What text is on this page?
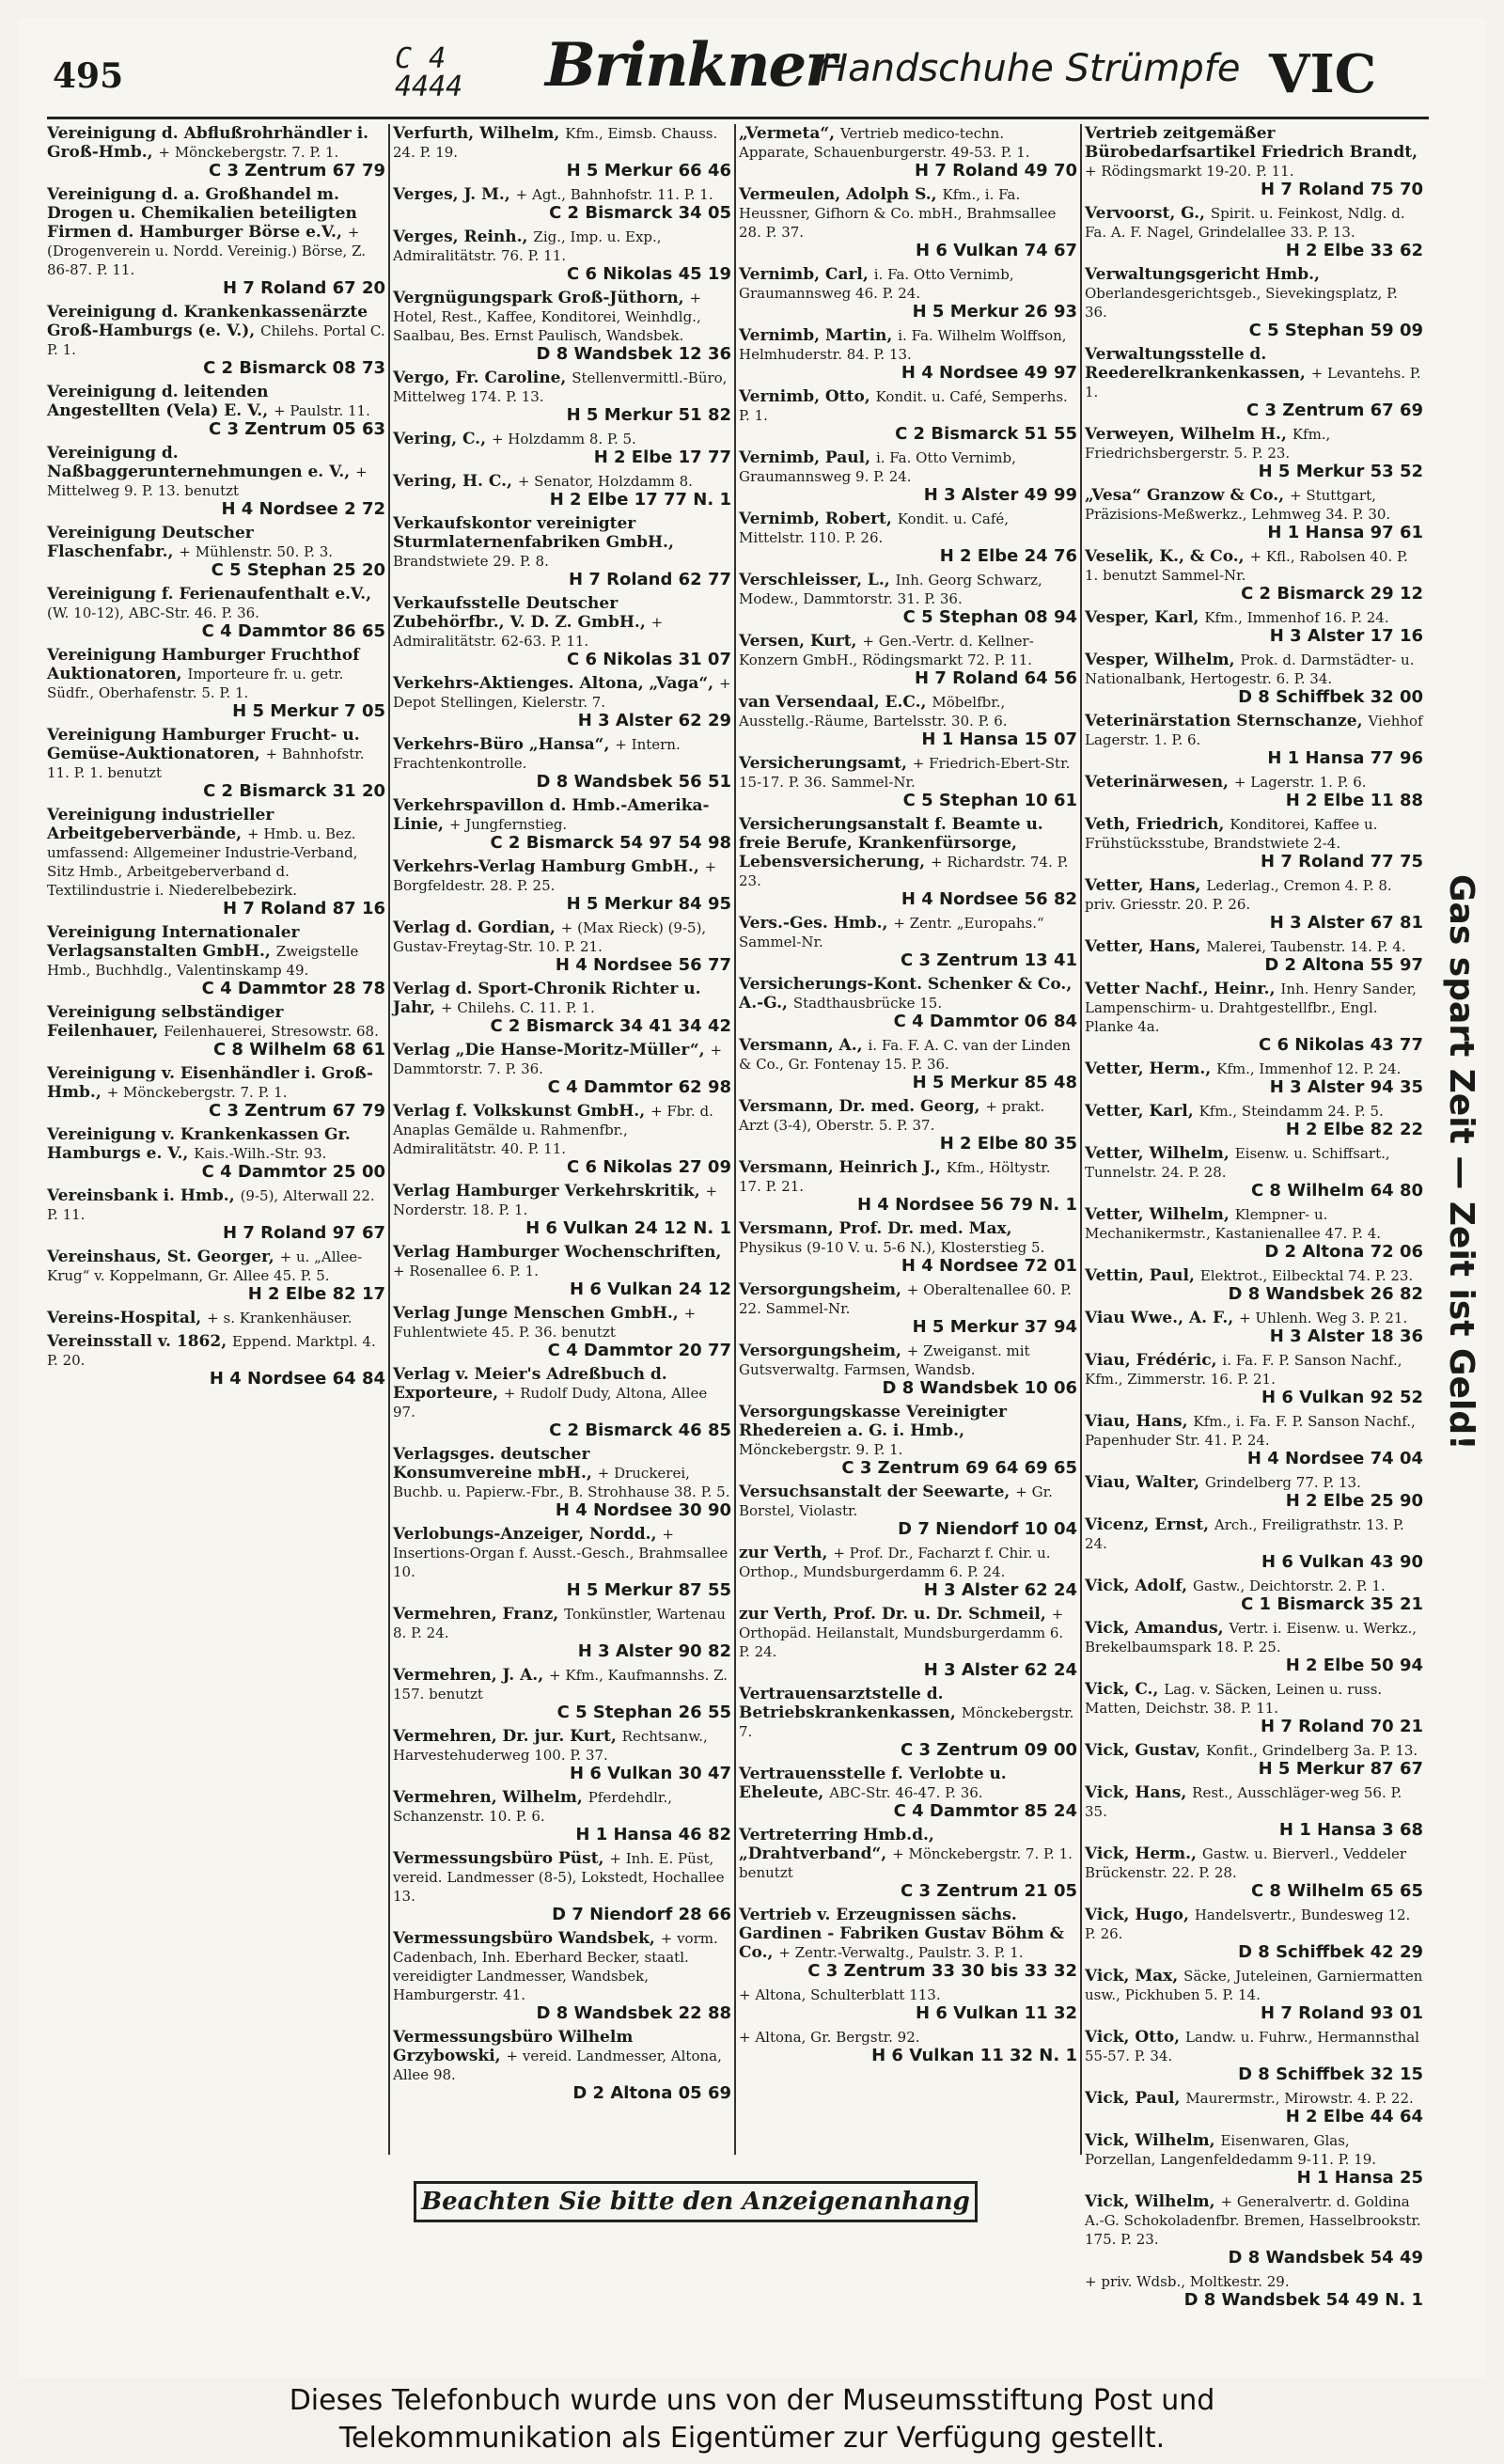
495	C 4
4444 Brinkner
Handschuhe Strümpfe VIC
Vereinigung d. Abflußrohrhändler i. Groß-Hmb., + Mönckebergstr. 7. P. 1.
C 3 Zentrum 67 79
Vereinigung d. a. Großhandel m. Drogen u. Chemikalien beteiligten Firmen d. Hamburger Börse e.V., + (Drogenverein u. Nordd. Vereinig.) Börse, Z. 86-87. P. 11.
H 7 Roland 67 20
Vereinigung d. Krankenkassenärzte Groß-Hamburgs (e. V.), Chilehs. Portal C. P. 1.
C 2 Bismarck 08 73
Vereinigung d. leitenden Angestellten (Vela) E. V., + Paulstr. 11.
C 3 Zentrum 05 63
Vereinigung d. Naßbaggerunternehmungen e. V., + Mittelweg 9. P. 13. benutzt
H 4 Nordsee 2 72
Vereinigung Deutscher Flaschenfabr., + Mühlenstr. 50. P. 3.
C 5 Stephan 25 20
Vereinigung f. Ferienaufenthalt e.V., (W. 10-12), ABC-Str. 46. P. 36.
C 4 Dammtor 86 65
Vereinigung Hamburger Fruchthof Auktionatoren, Importeure fr. u. getr. Südfr., Oberhafenstr. 5. P. 1.
H 5 Merkur 7 05
Vereinigung Hamburger Frucht- u. Gemüse-Auktionatoren, + Bahnhofstr. 11. P. 1. benutzt
C 2 Bismarck 31 20
Vereinigung industrieller Arbeitgeberverbände, + Hmb. u. Bez. umfassend: Allgemeiner Industrie-Verband, Sitz Hmb., Arbeitgeberverband d. Textilindustrie i. Niederelbebezirk.
H 7 Roland 87 16
Vereinigung Internationaler Verlagsanstalten GmbH., Zweigstelle Hmb., Buchhdlg., Valentinskamp 49.
C 4 Dammtor 28 78
Vereinigung selbständiger Feilenhauer, Feilenhauerei, Stresowstr. 68.
C 8 Wilhelm 68 61
Vereinigung v. Eisenhändler i. Groß-Hmb., + Mönckebergstr. 7. P. 1.
C 3 Zentrum 67 79
Vereinigung v. Krankenkassen Gr. Hamburgs e. V., Kais.-Wilh.-Str. 93.
C 4 Dammtor 25 00
Vereinsbank i. Hmb., (9-5), Alterwall 22. P. 11.
H 7 Roland 97 67
Vereinshaus, St. Georger, + u. „Allee-Krug“ v. Koppelmann, Gr. Allee 45. P. 5.
H 2 Elbe 82 17
Vereins-Hospital, + s. Krankenhäuser.
Vereinsstall v. 1862, Eppend. Marktpl. 4. P. 20.
H 4 Nordsee 64 84
Verfurth, Wilhelm, Kfm., Eimsb. Chauss. 24. P. 19.
H 5 Merkur 66 46
Verges, J. M., + Agt., Bahnhofstr. 11. P. 1.
C 2 Bismarck 34 05
Verges, Reinh., Zig., Imp. u. Exp., Admiralitätstr. 76. P. 11.
C 6 Nikolas 45 19
Vergnügungspark Groß-Jüthorn, + Hotel, Rest., Kaffee, Konditorei, Weinhdlg., Saalbau, Bes. Ernst Paulisch, Wandsbek.
D 8 Wandsbek 12 36
Vergo, Fr. Caroline, Stellenvermittl.-Büro, Mittelweg 174. P. 13.
H 5 Merkur 51 82
Vering, C., + Holzdamm 8. P. 5.
H 2 Elbe 17 77
Vering, H. C., + Senator, Holzdamm 8.
H 2 Elbe 17 77 N. 1
Verkaufskontor vereinigter Sturmlaternenfabriken GmbH., Brandstwiete 29. P. 8.
H 7 Roland 62 77
Verkaufsstelle Deutscher Zubehörfbr., V. D. Z. GmbH., + Admiralitätstr. 62-63. P. 11.
C 6 Nikolas 31 07
Verkehrs-Aktienges. Altona, „Vaga“, + Depot Stellingen, Kielerstr. 7.
H 3 Alster 62 29
Verkehrs-Büro „Hansa“, + Intern. Frachtenkontrolle.
D 8 Wandsbek 56 51
Verkehrspavillon d. Hmb.-Amerika-Linie, + Jungfernstieg.
C 2 Bismarck 54 97 54 98
Verkehrs-Verlag Hamburg GmbH., + Borgfeldestr. 28. P. 25.
H 5 Merkur 84 95
Verlag d. Gordian, + (Max Rieck) (9-5), Gustav-Freytag-Str. 10. P. 21.
H 4 Nordsee 56 77
Verlag d. Sport-Chronik Richter u. Jahr, + Chilehs. C. 11. P. 1.
C 2 Bismarck 34 41 34 42
Verlag „Die Hanse-Moritz-Müller“, + Dammtorstr. 7. P. 36.
C 4 Dammtor 62 98
Verlag f. Volkskunst GmbH., + Fbr. d. Anaplas Gemälde u. Rahmenfbr., Admiralitätstr. 40. P. 11.
C 6 Nikolas 27 09
Verlag Hamburger Verkehrskritik, + Norderstr. 18. P. 1.
H 6 Vulkan 24 12 N. 1
Verlag Hamburger Wochenschriften, + Rosenallee 6. P. 1.
H 6 Vulkan 24 12
Verlag Junge Menschen GmbH., + Fuhlentwiete 45. P. 36. benutzt
C 4 Dammtor 20 77
Verlag v. Meier's Adreßbuch d. Exporteure, + Rudolf Dudy, Altona, Allee 97.
C 2 Bismarck 46 85
Verlagsges. deutscher Konsumvereine mbH., + Druckerei, Buchb. u. Papierw.-Fbr., B. Strohhause 38. P. 5.
H 4 Nordsee 30 90
Verlobungs-Anzeiger, Nordd., + Insertions-Organ f. Ausst.-Gesch., Brahmsallee 10.
H 5 Merkur 87 55
Vermehren, Franz, Tonkünstler, Wartenau 8. P. 24.
H 3 Alster 90 82
Vermehren, J. A., + Kfm., Kaufmannshs. Z. 157. benutzt
C 5 Stephan 26 55
Vermehren, Dr. jur. Kurt, Rechtsanw., Harvestehuderweg 100. P. 37.
H 6 Vulkan 30 47
Vermehren, Wilhelm, Pferdehdlr., Schanzenstr. 10. P. 6.
H 1 Hansa 46 82
Vermessungsbüro Püst, + Inh. E. Püst, vereid. Landmesser (8-5), Lokstedt, Hochallee 13.
D 7 Niendorf 28 66
Vermessungsbüro Wandsbek, + vorm. Cadenbach, Inh. Eberhard Becker, staatl. vereidigter Landmesser, Wandsbek, Hamburgerstr. 41.
D 8 Wandsbek 22 88
Vermessungsbüro Wilhelm Grzybowski, + vereid. Landmesser, Altona, Allee 98.
D 2 Altona 05 69
„Vermeta“, Vertrieb medico-techn. Apparate, Schauenburgerstr. 49-53. P. 1.
H 7 Roland 49 70
Vermeulen, Adolph S., Kfm., i. Fa. Heussner, Gifhorn & Co. mbH., Brahmsallee 28. P. 37.
H 6 Vulkan 74 67
Vernimb, Carl, i. Fa. Otto Vernimb, Graumannsweg 46. P. 24.
H 5 Merkur 26 93
Vernimb, Martin, i. Fa. Wilhelm Wolffson, Helmhuderstr. 84. P. 13.
H 4 Nordsee 49 97
Vernimb, Otto, Kondit. u. Café, Semperhs. P. 1.
C 2 Bismarck 51 55
Vernimb, Paul, i. Fa. Otto Vernimb, Graumannsweg 9. P. 24.
H 3 Alster 49 99
Vernimb, Robert, Kondit. u. Café, Mittelstr. 110. P. 26.
H 2 Elbe 24 76
Verschleisser, L., Inh. Georg Schwarz, Modew., Dammtorstr. 31. P. 36.
C 5 Stephan 08 94
Versen, Kurt, + Gen.-Vertr. d. Kellner-Konzern GmbH., Rödingsmarkt 72. P. 11.
H 7 Roland 64 56
van Versendaal, E.C., Möbelfbr., Ausstellg.-Räume, Bartelsstr. 30. P. 6.
H 1 Hansa 15 07
Versicherungsamt, + Friedrich-Ebert-Str. 15-17. P. 36. Sammel-Nr.
C 5 Stephan 10 61
Versicherungsanstalt f. Beamte u. freie Berufe, Krankenfürsorge, Lebensversicherung, + Richardstr. 74. P. 23.
H 4 Nordsee 56 82
Vers.-Ges. Hmb., + Zentr. „Europahs.“ Sammel-Nr.
C 3 Zentrum 13 41
Versicherungs-Kont. Schenker & Co., A.-G., Stadthausbrücke 15.
C 4 Dammtor 06 84
Versmann, A., i. Fa. F. A. C. van der Linden & Co., Gr. Fontenay 15. P. 36.
H 5 Merkur 85 48
Versmann, Dr. med. Georg, + prakt. Arzt (3-4), Oberstr. 5. P. 37.
H 2 Elbe 80 35
Versmann, Heinrich J., Kfm., Höltystr. 17. P. 21.
H 4 Nordsee 56 79 N. 1
Versmann, Prof. Dr. med. Max, Physikus (9-10 V. u. 5-6 N.), Klosterstieg 5.
H 4 Nordsee 72 01
Versorgungsheim, + Oberaltenallee 60. P. 22. Sammel-Nr.
H 5 Merkur 37 94
Versorgungsheim, + Zweiganst. mit Gutsverwaltg. Farmsen, Wandsb.
D 8 Wandsbek 10 06
Versorgungskasse Vereinigter Rhedereien a. G. i. Hmb., Mönckebergstr. 9. P. 1.
C 3 Zentrum 69 64 69 65
Versuchsanstalt der Seewarte, + Gr. Borstel, Violastr.
D 7 Niendorf 10 04
zur Verth, + Prof. Dr., Facharzt f. Chir. u. Orthop., Mundsburgerdamm 6. P. 24.
H 3 Alster 62 24
zur Verth, Prof. Dr. u. Dr. Schmeil, + Orthopäd. Heilanstalt, Mundsburgerdamm 6. P. 24.
H 3 Alster 62 24
Vertrauensarztstelle d. Betriebskrankenkassen, Mönckebergstr. 7.
C 3 Zentrum 09 00
Vertrauensstelle f. Verlobte u. Eheleute, ABC-Str. 46-47. P. 36.
C 4 Dammtor 85 24
Vertreterring Hmb.d., „Drahtverband“, + Mönckebergstr. 7. P. 1. benutzt
C 3 Zentrum 21 05
Vertrieb v. Erzeugnissen sächs. Gardinen - Fabriken Gustav Böhm & Co., + Zentr.-Verwaltg., Paulstr. 3. P. 1.
C 3 Zentrum 33 30 bis 33 32
+ Altona, Schulterblatt 113.
H 6 Vulkan 11 32
+ Altona, Gr. Bergstr. 92.
H 6 Vulkan 11 32 N. 1
Vertrieb zeitgemäßer Bürobedarfsartikel Friedrich Brandt, + Rödingsmarkt 19-20. P. 11.
H 7 Roland 75 70
Vervoorst, G., Spirit. u. Feinkost, Ndlg. d. Fa. A. F. Nagel, Grindelallee 33. P. 13.
H 2 Elbe 33 62
Verwaltungsgericht Hmb., Oberlandesgerichtsgeb., Sievekingsplatz, P. 36.
C 5 Stephan 59 09
Verwaltungsstelle d. Reederelkrankenkassen, + Levantehs. P. 1.
C 3 Zentrum 67 69
Verweyen, Wilhelm H., Kfm., Friedrichsbergerstr. 5. P. 23.
H 5 Merkur 53 52
„Vesa“ Granzow & Co., + Stuttgart, Präzisions-Meßwerkz., Lehmweg 34. P. 30.
H 1 Hansa 97 61
Veselik, K., & Co., + Kfl., Rabolsen 40. P. 1. benutzt Sammel-Nr.
C 2 Bismarck 29 12
Vesper, Karl, Kfm., Immenhof 16. P. 24.
H 3 Alster 17 16
Vesper, Wilhelm, Prok. d. Darmstädter- u. Nationalbank, Hertogestr. 6. P. 34.
D 8 Schiffbek 32 00
Veterinärstation Sternschanze, Viehhof Lagerstr. 1. P. 6.
H 1 Hansa 77 96
Veterinärwesen, + Lagerstr. 1. P. 6.
H 2 Elbe 11 88
Veth, Friedrich, Konditorei, Kaffee u. Frühstücksstube, Brandstwiete 2-4.
H 7 Roland 77 75
Vetter, Hans, Lederlag., Cremon 4. P. 8. priv. Griesstr. 20. P. 26.
H 3 Alster 67 81
Vetter, Hans, Malerei, Taubenstr. 14. P. 4.
D 2 Altona 55 97
Vetter Nachf., Heinr., Inh. Henry Sander, Lampenschirm- u. Drahtgestellfbr., Engl. Planke 4a.
C 6 Nikolas 43 77
Vetter, Herm., Kfm., Immenhof 12. P. 24.
H 3 Alster 94 35
Vetter, Karl, Kfm., Steindamm 24. P. 5.
H 2 Elbe 82 22
Vetter, Wilhelm, Eisenw. u. Schiffsart., Tunnelstr. 24. P. 28.
C 8 Wilhelm 64 80
Vetter, Wilhelm, Klempner- u. Mechanikermstr., Kastanienallee 47. P. 4.
D 2 Altona 72 06
Vettin, Paul, Elektrot., Eilbecktal 74. P. 23.
D 8 Wandsbek 26 82
Viau Wwe., A. F., + Uhlenh. Weg 3. P. 21.
H 3 Alster 18 36
Viau, Frédéric, i. Fa. F. P. Sanson Nachf., Kfm., Zimmerstr. 16. P. 21.
H 6 Vulkan 92 52
Viau, Hans, Kfm., i. Fa. F. P. Sanson Nachf., Papenhuder Str. 41. P. 24.
H 4 Nordsee 74 04
Viau, Walter, Grindelberg 77. P. 13.
H 2 Elbe 25 90
Vicenz, Ernst, Arch., Freiligrathstr. 13. P. 24.
H 6 Vulkan 43 90
Vick, Adolf, Gastw., Deichtorstr. 2. P. 1.
C 1 Bismarck 35 21
Vick, Amandus, Vertr. i. Eisenw. u. Werkz., Brekelbaumspark 18. P. 25.
H 2 Elbe 50 94
Vick, C., Lag. v. Säcken, Leinen u. russ. Matten, Deichstr. 38. P. 11.
H 7 Roland 70 21
Vick, Gustav, Konfit., Grindelberg 3a. P. 13.
H 5 Merkur 87 67
Vick, Hans, Rest., Ausschläger-weg 56. P. 35.
H 1 Hansa 3 68
Vick, Herm., Gastw. u. Bierverl., Veddeler Brückenstr. 22. P. 28.
C 8 Wilhelm 65 65
Vick, Hugo, Handelsvertr., Bundesweg 12. P. 26.
D 8 Schiffbek 42 29
Vick, Max, Säcke, Juteleinen, Garniermatten usw., Pickhuben 5. P. 14.
H 7 Roland 93 01
Vick, Otto, Landw. u. Fuhrw., Hermannsthal 55-57. P. 34.
D 8 Schiffbek 32 15
Vick, Paul, Maurermstr., Mirowstr. 4. P. 22.
H 2 Elbe 44 64
Vick, Wilhelm, Eisenwaren, Glas, Porzellan, Langenfeldedamm 9-11. P. 19.
H 1 Hansa 25
Vick, Wilhelm, + Generalvertr. d. Goldina A.-G. Schokoladenfbr. Bremen, Hasselbrookstr. 175. P. 23.
D 8 Wandsbek 54 49
+ priv. Wdsb., Moltkestr. 29.
D 8 Wandsbek 54 49 N. 1
Gas spart Zeit — Zeit ist Geld!
Beachten Sie bitte den Anzeigenanhang
Dieses Telefonbuch wurde uns von der Museumsstiftung Post und
Telekommunikation als Eigentümer zur Verfügung gestellt.
